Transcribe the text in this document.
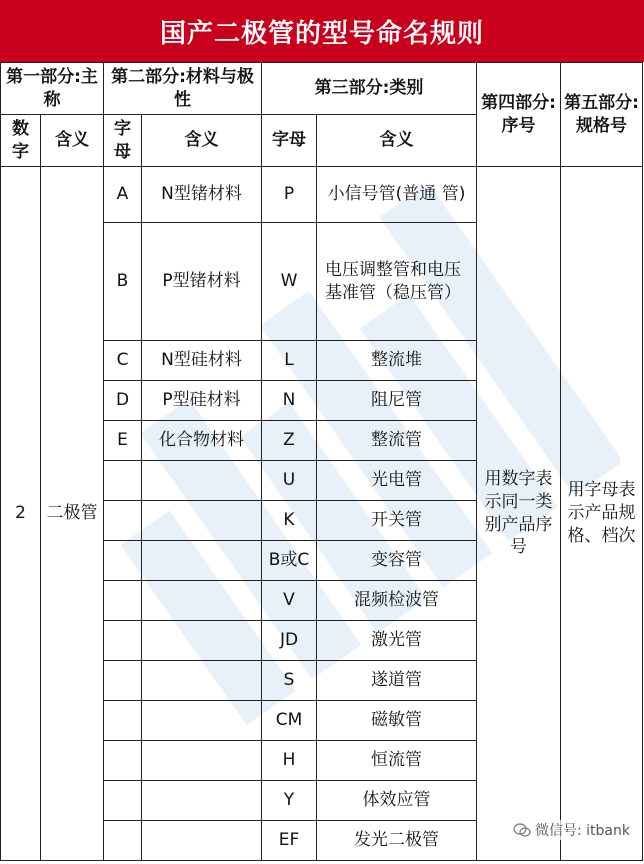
国产二极管的型号命名规则
第一部分:主称		第二部分:材料与极性		第三部分:类别		第四部分:序号	第五部分:规格号
数字	含义	字母	含义	字母	含义		
2	二极管	A	N型锗材料	P	小信号管(普通 管)	用数字表示同一类别产品序号	用字母表示产品规格、档次
		B	P型锗材料	W	电压调整管和电压基准管（稳压管）		
		C	N型硅材料	L	整流堆		
		D	P型硅材料	N	阻尼管		
		E	化合物材料	Z	整流管		
				U	光电管		
				K	开关管		
				B或C	变容管		
				V	混频检波管		
				JD	激光管		
				S	遂道管		
				CM	磁敏管		
				H	恒流管		
				Y	体效应管		
				EF	发光二极管			微信号: itbank
